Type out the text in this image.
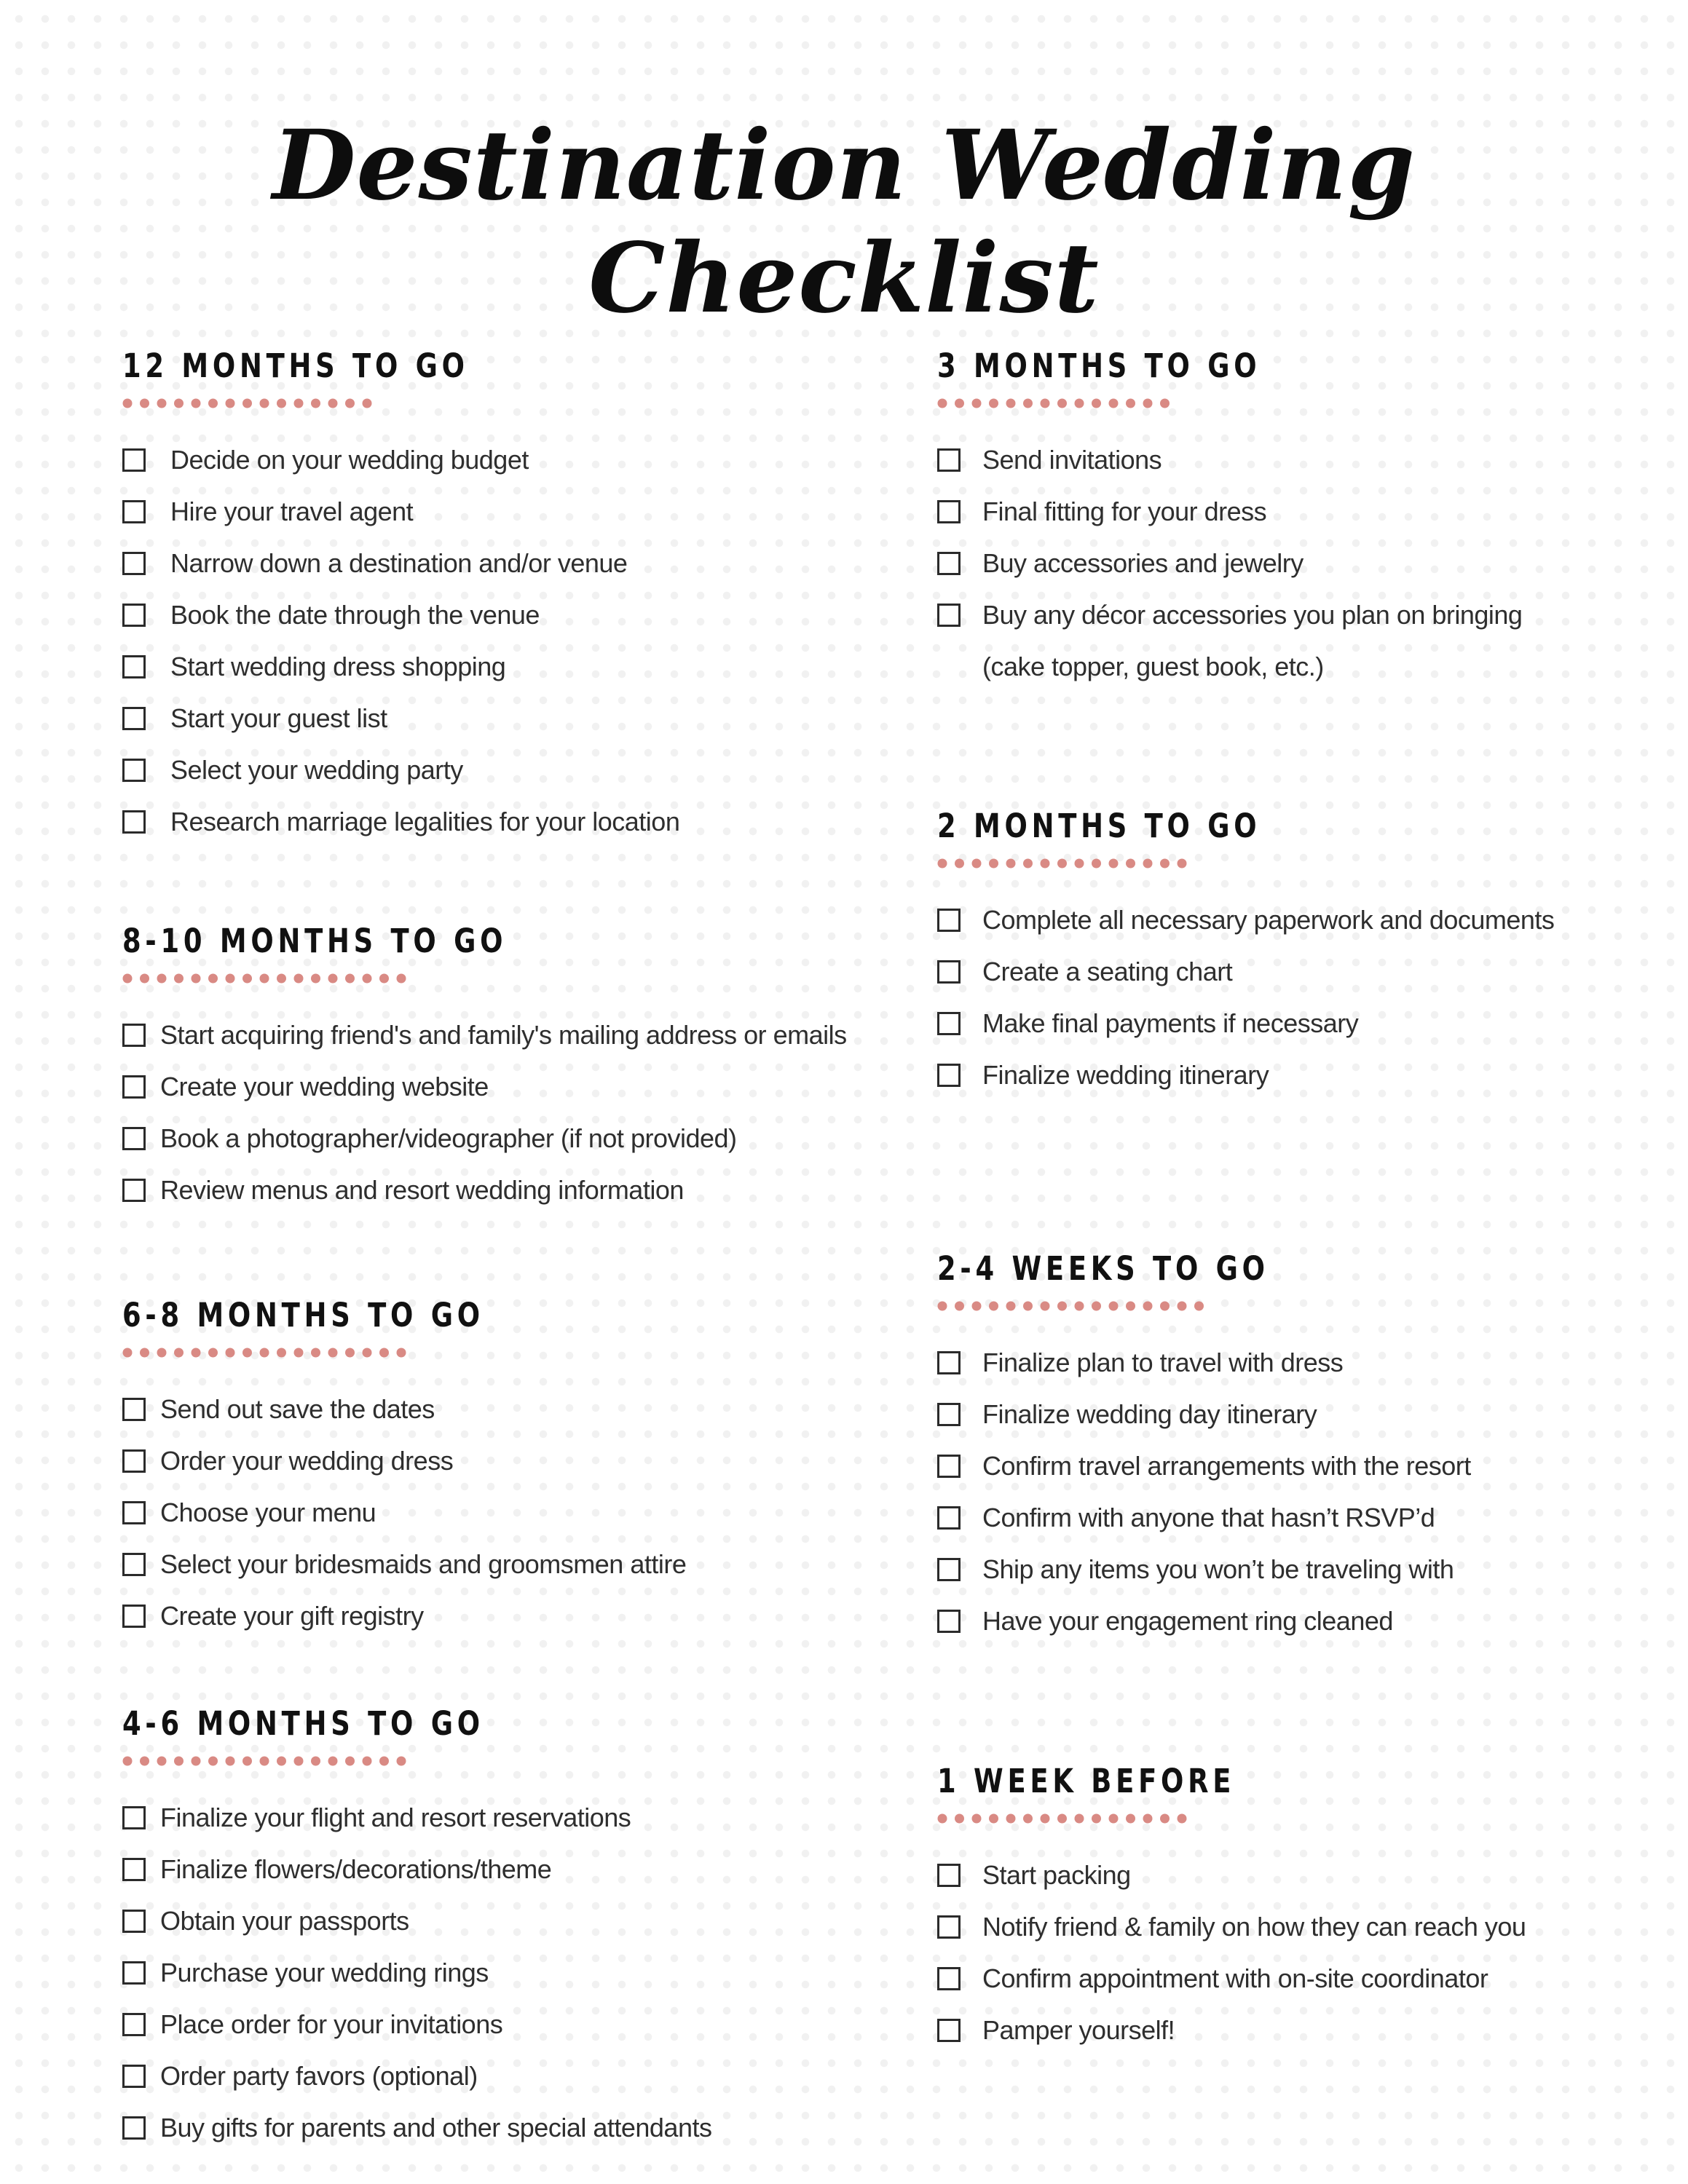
Destination Wedding Checklist
12 MONTHS TO GO
Decide on your wedding budget
Hire your travel agent
Narrow down a destination and/or venue
Book the date through the venue
Start wedding dress shopping
Start your guest list
Select your wedding party
Research marriage legalities for your location
8-10 MONTHS TO GO
Start acquiring friend's and family's mailing address or emails
Create your wedding website
Book a photographer/videographer (if not provided)
Review menus and resort wedding information
6-8 MONTHS TO GO
Send out save the dates
Order your wedding dress
Choose your menu
Select your bridesmaids and groomsmen attire
Create your gift registry
4-6 MONTHS TO GO
Finalize your flight and resort reservations
Finalize flowers/decorations/theme
Obtain your passports
Purchase your wedding rings
Place order for your invitations
Order party favors (optional)
Buy gifts for parents and other special attendants
3 MONTHS TO GO
Send invitations
Final fitting for your dress
Buy accessories and jewelry
Buy any décor accessories you plan on bringing
(cake topper, guest book, etc.)
2 MONTHS TO GO
Complete all necessary paperwork and documents
Create a seating chart
Make final payments if necessary
Finalize wedding itinerary
2-4 WEEKS TO GO
Finalize plan to travel with dress
Finalize wedding day itinerary
Confirm travel arrangements with the resort
Confirm with anyone that hasn’t RSVP’d
Ship any items you won’t be traveling with
Have your engagement ring cleaned
1 WEEK BEFORE
Start packing
Notify friend & family on how they can reach you
Confirm appointment with on-site coordinator
Pamper yourself!
